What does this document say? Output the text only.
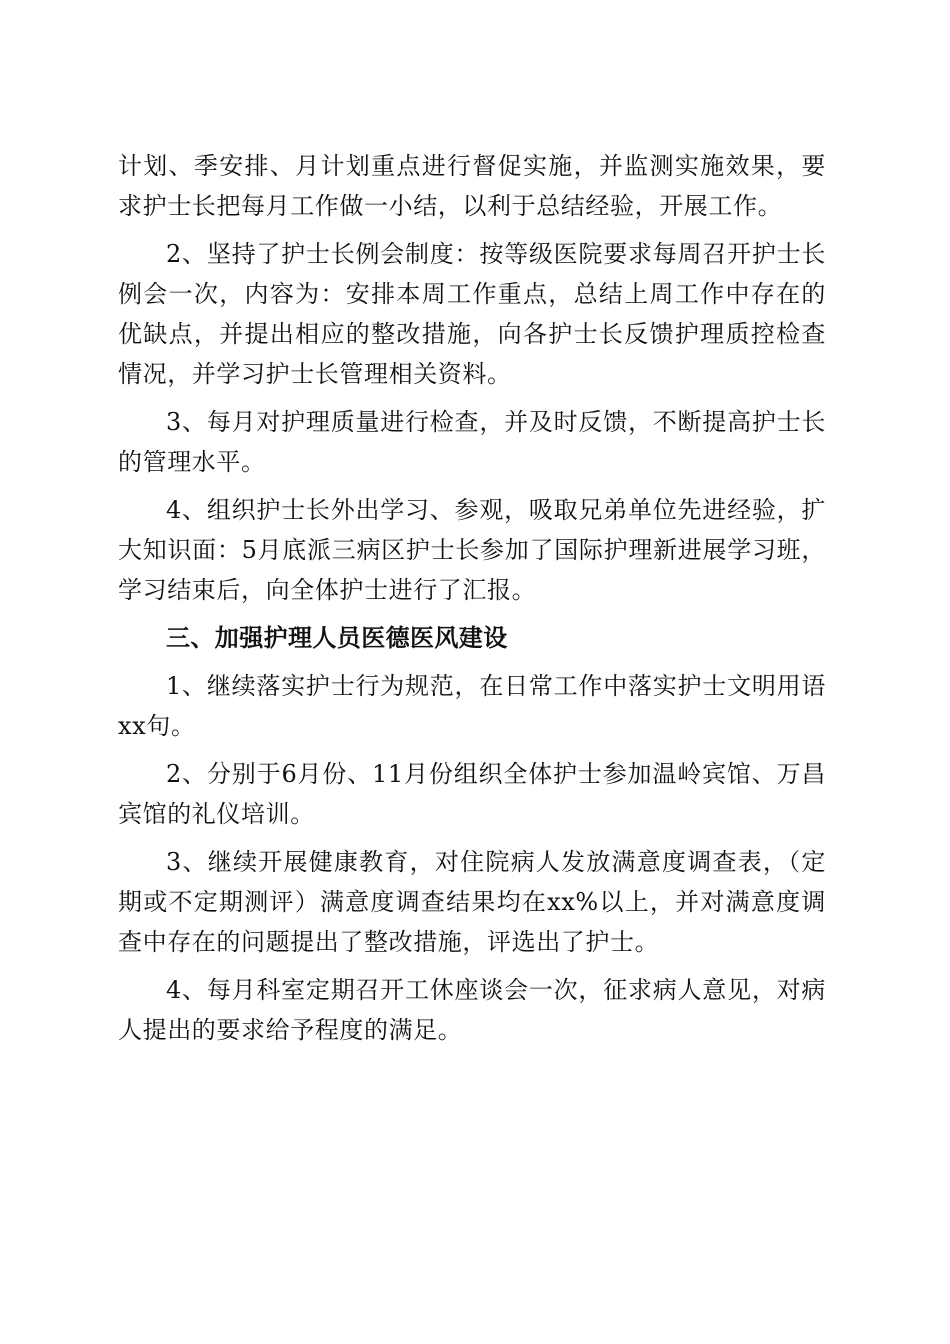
计划、季安排、月计划重点进行督促实施，并监测实施效果，要求护士长把每月工作做一小结，以利于总结经验，开展工作。

2、坚持了护士长例会制度：按等级医院要求每周召开护士长例会一次，内容为：安排本周工作重点，总结上周工作中存在的优缺点，并提出相应的整改措施，向各护士长反馈护理质控检查情况，并学习护士长管理相关资料。

3、每月对护理质量进行检查，并及时反馈，不断提高护士长的管理水平。

4、组织护士长外出学习、参观，吸取兄弟单位先进经验，扩大知识面：5月底派三病区护士长参加了国际护理新进展学习班，学习结束后，向全体护士进行了汇报。

三、加强护理人员医德医风建设

1、继续落实护士行为规范，在日常工作中落实护士文明用语xx句。

2、分别于6月份、11月份组织全体护士参加温岭宾馆、万昌宾馆的礼仪培训。

3、继续开展健康教育，对住院病人发放满意度调查表，（定期或不定期测评）满意度调查结果均在xx%以上，并对满意度调查中存在的问题提出了整改措施，评选出了护士。

4、每月科室定期召开工休座谈会一次，征求病人意见，对病人提出的要求给予程度的满足。
